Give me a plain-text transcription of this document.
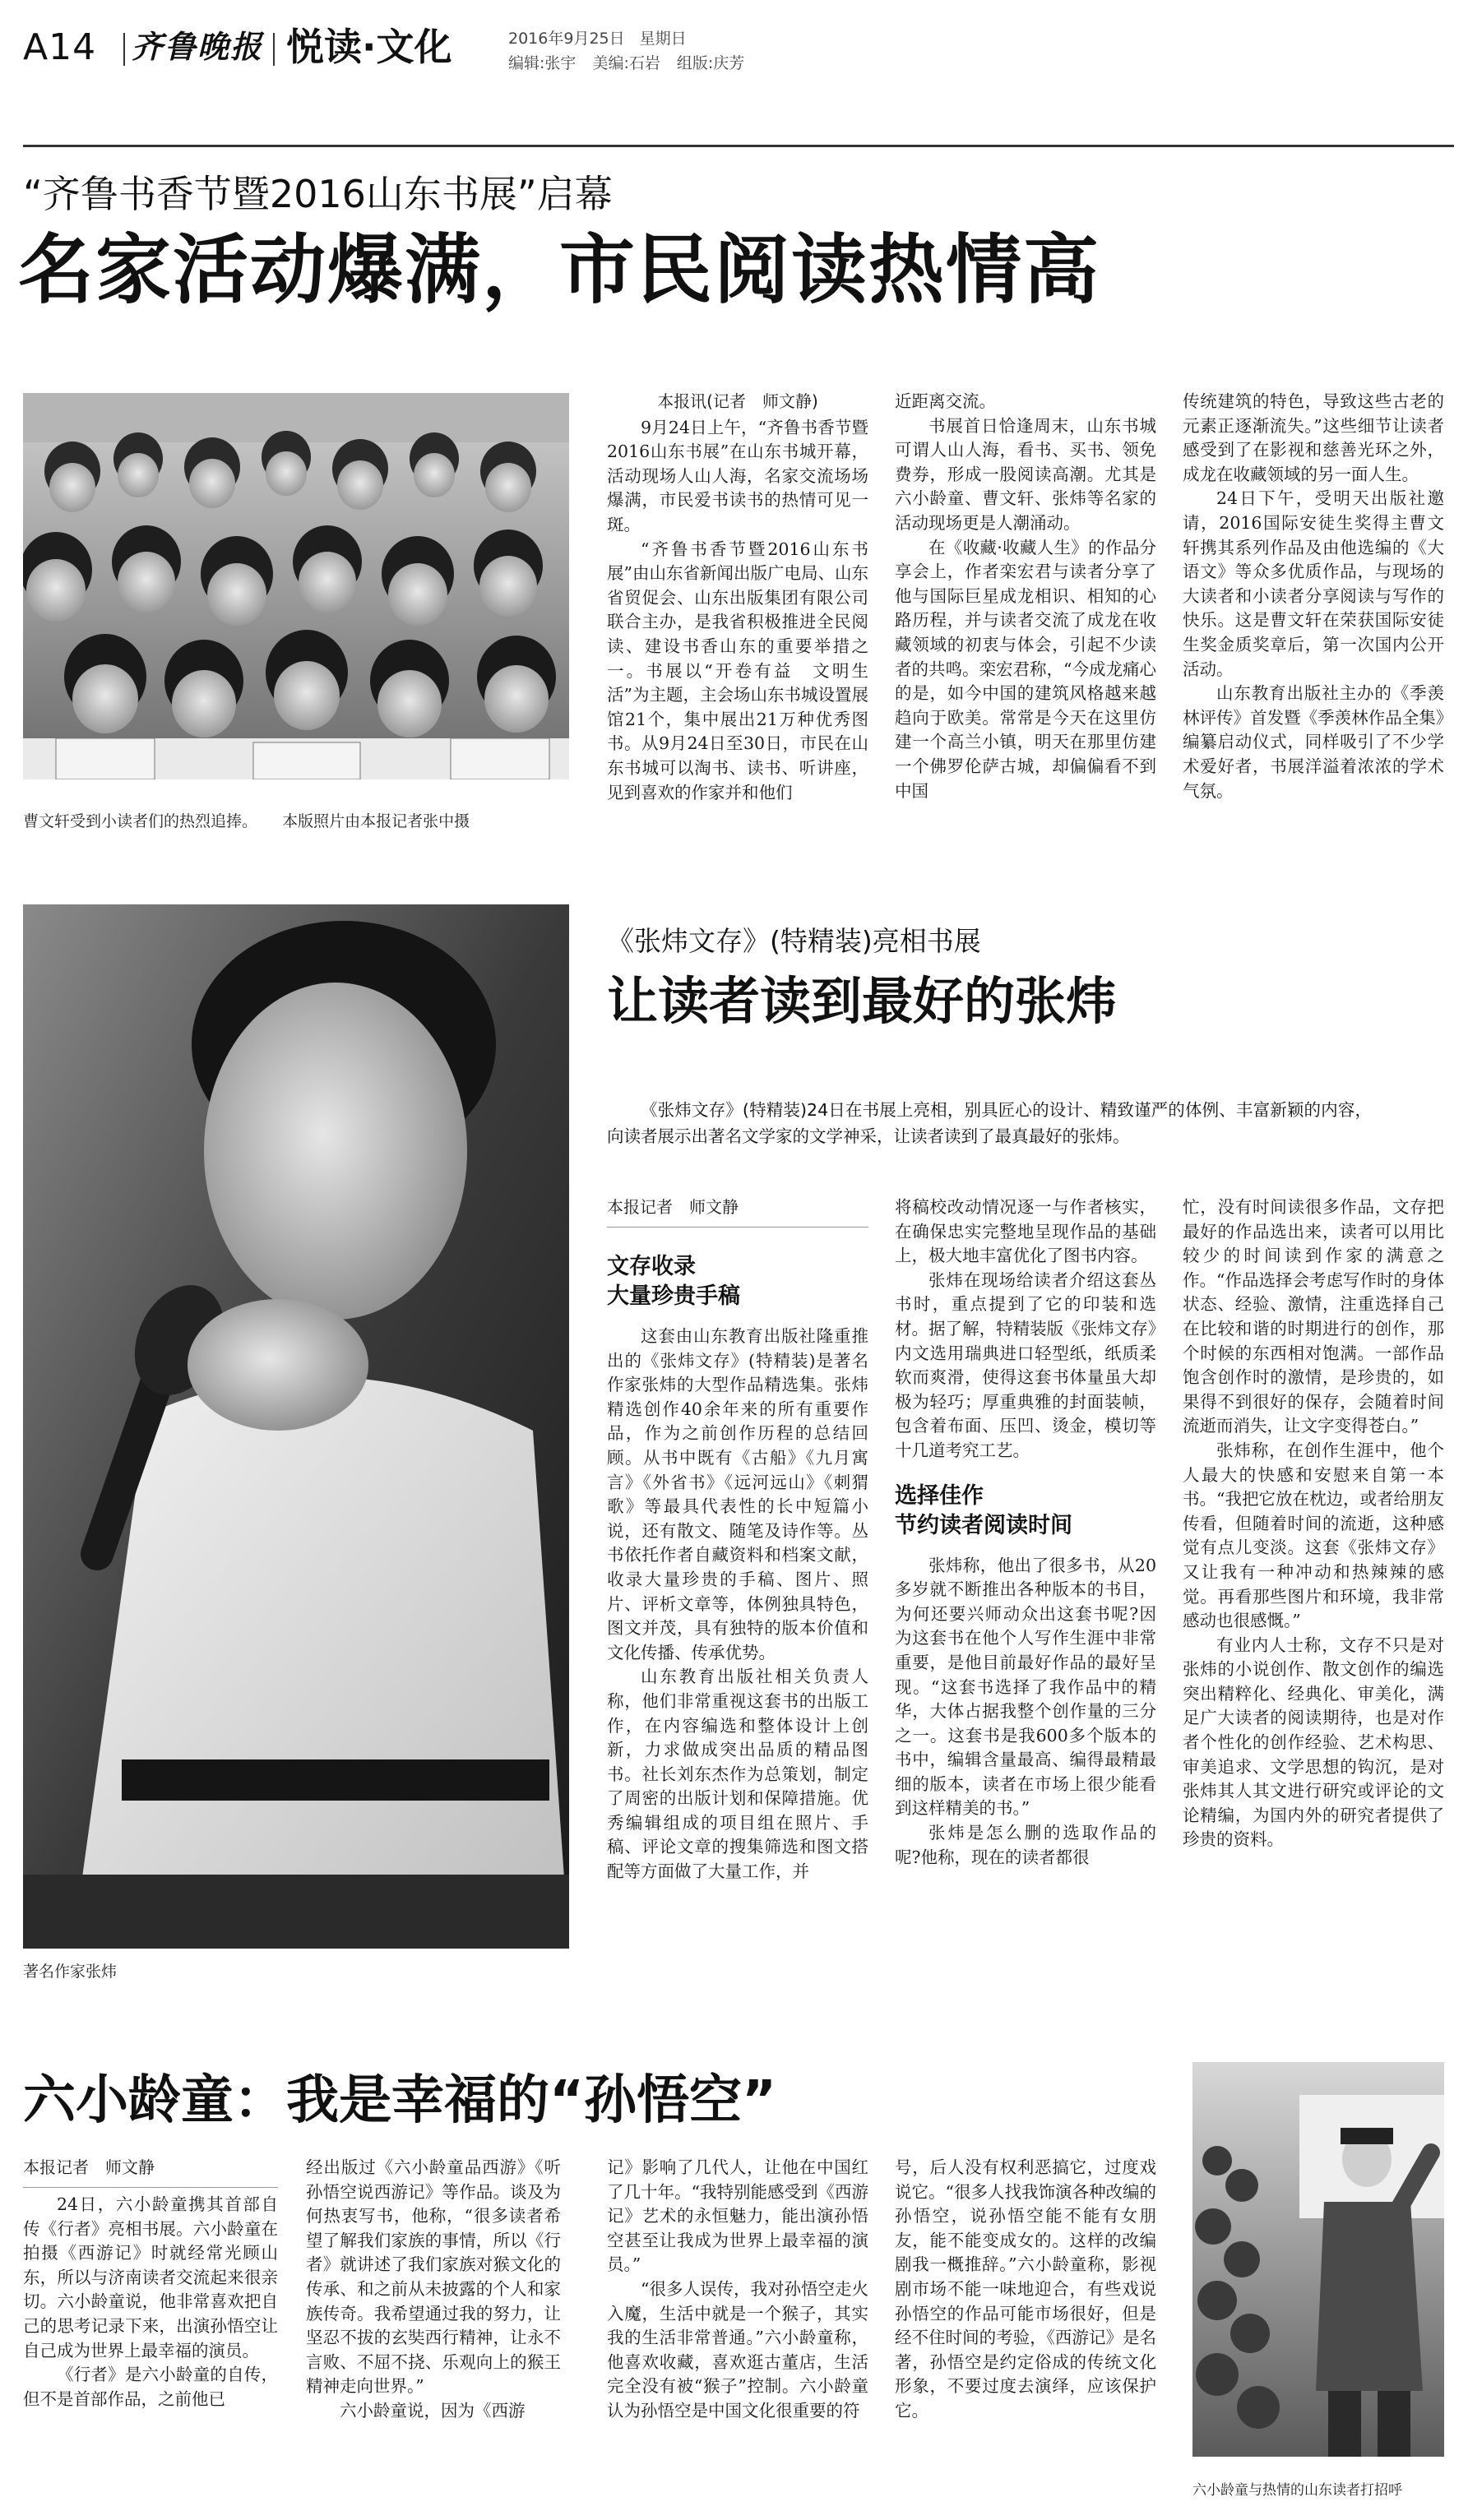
A14 齐鲁晚报 悦读·文化	2016年9月25日 星期日
编辑:张宇 美编:石岩 组版:庆芳
“齐鲁书香节暨2016山东书展”启幕
名家活动爆满，市民阅读热情高
曹文轩受到小读者们的热烈追捧。 本版照片由本报记者张中摄

本报讯(记者　师文静)

9月24日上午，“齐鲁书香节暨2016山东书展”在山东书城开幕，活动现场人山人海，名家交流场场爆满，市民爱书读书的热情可见一斑。

“齐鲁书香节暨2016山东书展”由山东省新闻出版广电局、山东省贸促会、山东出版集团有限公司联合主办，是我省积极推进全民阅读、建设书香山东的重要举措之一。书展以“开卷有益　文明生活”为主题，主会场山东书城设置展馆21个，集中展出21万种优秀图书。从9月24日至30日，市民在山东书城可以淘书、读书、听讲座，见到喜欢的作家并和他们

近距离交流。

书展首日恰逢周末，山东书城可谓人山人海，看书、买书、领免费券，形成一股阅读高潮。尤其是六小龄童、曹文轩、张炜等名家的活动现场更是人潮涌动。

在《收藏·收藏人生》的作品分享会上，作者栾宏君与读者分享了他与国际巨星成龙相识、相知的心路历程，并与读者交流了成龙在收藏领域的初衷与体会，引起不少读者的共鸣。栾宏君称，“今成龙痛心的是，如今中国的建筑风格越来越趋向于欧美。常常是今天在这里仿建一个高兰小镇，明天在那里仿建一个佛罗伦萨古城，却偏偏看不到中国

传统建筑的特色，导致这些古老的元素正逐渐流失。”这些细节让读者感受到了在影视和慈善光环之外，成龙在收藏领域的另一面人生。

24日下午，受明天出版社邀请，2016国际安徒生奖得主曹文轩携其系列作品及由他选编的《大语文》等众多优质作品，与现场的大读者和小读者分享阅读与写作的快乐。这是曹文轩在荣获国际安徒生奖金质奖章后，第一次国内公开活动。

山东教育出版社主办的《季羡林评传》首发暨《季羡林作品全集》编纂启动仪式，同样吸引了不少学术爱好者，书展洋溢着浓浓的学术气氛。

著名作家张炜
《张炜文存》(特精装)亮相书展
让读者读到最好的张炜
《张炜文存》(特精装)24日在书展上亮相，别具匠心的设计、精致谨严的体例、丰富新颖的内容，向读者展示出著名文学家的文学神采，让读者读到了最真最好的张炜。

本报记者　师文静

文存收录
大量珍贵手稿

这套由山东教育出版社隆重推出的《张炜文存》(特精装)是著名作家张炜的大型作品精选集。张炜精选创作40余年来的所有重要作品，作为之前创作历程的总结回顾。从书中既有《古船》《九月寓言》《外省书》《远河远山》《刺猬歌》等最具代表性的长中短篇小说，还有散文、随笔及诗作等。丛书依托作者自藏资料和档案文献，收录大量珍贵的手稿、图片、照片、评析文章等，体例独具特色，图文并茂，具有独特的版本价值和文化传播、传承优势。

山东教育出版社相关负责人称，他们非常重视这套书的出版工作，在内容编选和整体设计上创新，力求做成突出品质的精品图书。社长刘东杰作为总策划，制定了周密的出版计划和保障措施。优秀编辑组成的项目组在照片、手稿、评论文章的搜集筛选和图文搭配等方面做了大量工作，并

将稿校改动情况逐一与作者核实，在确保忠实完整地呈现作品的基础上，极大地丰富优化了图书内容。

张炜在现场给读者介绍这套丛书时，重点提到了它的印装和选材。据了解，特精装版《张炜文存》内文选用瑞典进口轻型纸，纸质柔软而爽滑，使得这套书体量虽大却极为轻巧；厚重典雅的封面装帧，包含着布面、压凹、烫金，模切等十几道考究工艺。

选择佳作
节约读者阅读时间

张炜称，他出了很多书，从20多岁就不断推出各种版本的书目，为何还要兴师动众出这套书呢?因为这套书在他个人写作生涯中非常重要，是他目前最好作品的最好呈现。“这套书选择了我作品中的精华，大体占据我整个创作量的三分之一。这套书是我600多个版本的书中，编辑含量最高、编得最精最细的版本，读者在市场上很少能看到这样精美的书。”

张炜是怎么删的选取作品的呢?他称，现在的读者都很

忙，没有时间读很多作品，文存把最好的作品选出来，读者可以用比较少的时间读到作家的满意之作。“作品选择会考虑写作时的身体状态、经验、激情，注重选择自己在比较和谐的时期进行的创作，那个时候的东西相对饱满。一部作品饱含创作时的激情，是珍贵的，如果得不到很好的保存，会随着时间流逝而消失，让文字变得苍白。”

张炜称，在创作生涯中，他个人最大的快感和安慰来自第一本书。“我把它放在枕边，或者给朋友传看，但随着时间的流逝，这种感觉有点儿变淡。这套《张炜文存》又让我有一种冲动和热辣辣的感觉。再看那些图片和环境，我非常感动也很感慨。”

有业内人士称，文存不只是对张炜的小说创作、散文创作的编选突出精粹化、经典化、审美化，满足广大读者的阅读期待，也是对作者个性化的创作经验、艺术构思、审美追求、文学思想的钩沉，是对张炜其人其文进行研究或评论的文论精编，为国内外的研究者提供了珍贵的资料。

六小龄童：我是幸福的“孙悟空”
六小龄童与热情的山东读者打招呼

本报记者　师文静

24日，六小龄童携其首部自传《行者》亮相书展。六小龄童在拍摄《西游记》时就经常光顾山东，所以与济南读者交流起来很亲切。六小龄童说，他非常喜欢把自己的思考记录下来，出演孙悟空让自己成为世界上最幸福的演员。

《行者》是六小龄童的自传，但不是首部作品，之前他已

经出版过《六小龄童品西游》《听孙悟空说西游记》等作品。谈及为何热衷写书，他称，“很多读者希望了解我们家族的事情，所以《行者》就讲述了我们家族对猴文化的传承、和之前从未披露的个人和家族传奇。我希望通过我的努力，让坚忍不拔的玄奘西行精神，让永不言败、不屈不挠、乐观向上的猴王精神走向世界。”

六小龄童说，因为《西游

记》影响了几代人，让他在中国红了几十年。“我特别能感受到《西游记》艺术的永恒魅力，能出演孙悟空甚至让我成为世界上最幸福的演员。”

“很多人误传，我对孙悟空走火入魔，生活中就是一个猴子，其实我的生活非常普通。”六小龄童称，他喜欢收藏，喜欢逛古董店，生活完全没有被“猴子”控制。六小龄童认为孙悟空是中国文化很重要的符

号，后人没有权利恶搞它，过度戏说它。“很多人找我饰演各种改编的孙悟空，说孙悟空能不能有女朋友，能不能变成女的。这样的改编剧我一概推辞。”六小龄童称，影视剧市场不能一味地迎合，有些戏说孙悟空的作品可能市场很好，但是经不住时间的考验，《西游记》是名著，孙悟空是约定俗成的传统文化形象，不要过度去演绎，应该保护它。
